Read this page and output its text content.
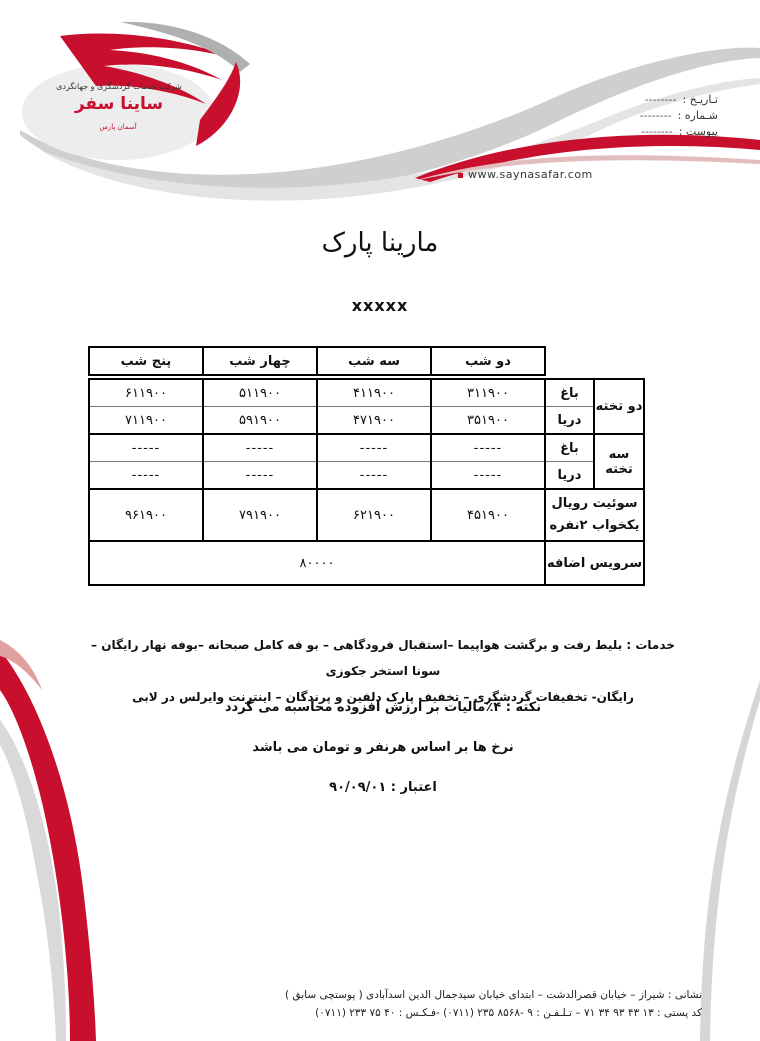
شرکت خدمات گردشگری و جهانگردی
ساینا سفر آسمان پارس
تـاریـخ :--------
شـماره :--------
پیوست :--------
www.saynasafar.com
مارینا پارک
xxxxx
		دو شب	سه شب	چهار شب	پنج شب

دو تخته	باغ	۳۱۱۹۰۰	۴۱۱۹۰۰	۵۱۱۹۰۰	۶۱۱۹۰۰
	دریا	۳۵۱۹۰۰	۴۷۱۹۰۰	۵۹۱۹۰۰	۷۱۱۹۰۰
سه تخته	باغ	-----	-----	-----	-----
	دریا	-----	-----	-----	-----

سوئیت رویال
یکخواب ۲نفره		۴۵۱۹۰۰	۶۲۱۹۰۰	۷۹۱۹۰۰	۹۶۱۹۰۰
سرویس اضافه		۸۰۰۰۰			
خدمات : بلیط رفت و برگشت هواپیما –استقبال فرودگاهی – بو فه کامل صبحانه –بوفه نهار رایگان – سونا استخر جکوزی
رایگان- تخفیفات گردشگری – تخفیف پارک دلفین و پرندگان – اینترنت وایرلس در لابی
نکته : ۴٪مالیات بر ارزش افزوده محاسبه می گردد
نرخ ها بر اساس هرنفر و تومان می باشد
اعتبار : ۹۰/۰۹/۰۱
نشانی : شیراز – خیابان قصرالدشت – ابتدای خیابان سیدجمال الدین اسدآبادی ( پوستچی سابق )
کد پستی : ۱۳ ۴۳ ۹۳ ۳۴ ۷۱ – تـلـفـن : ۹ -۸۵۶۸ ۲۳۵ (۰۷۱۱) -فـکـس : ۴۰ ۷۵ ۲۳۳ (۰۷۱۱)
